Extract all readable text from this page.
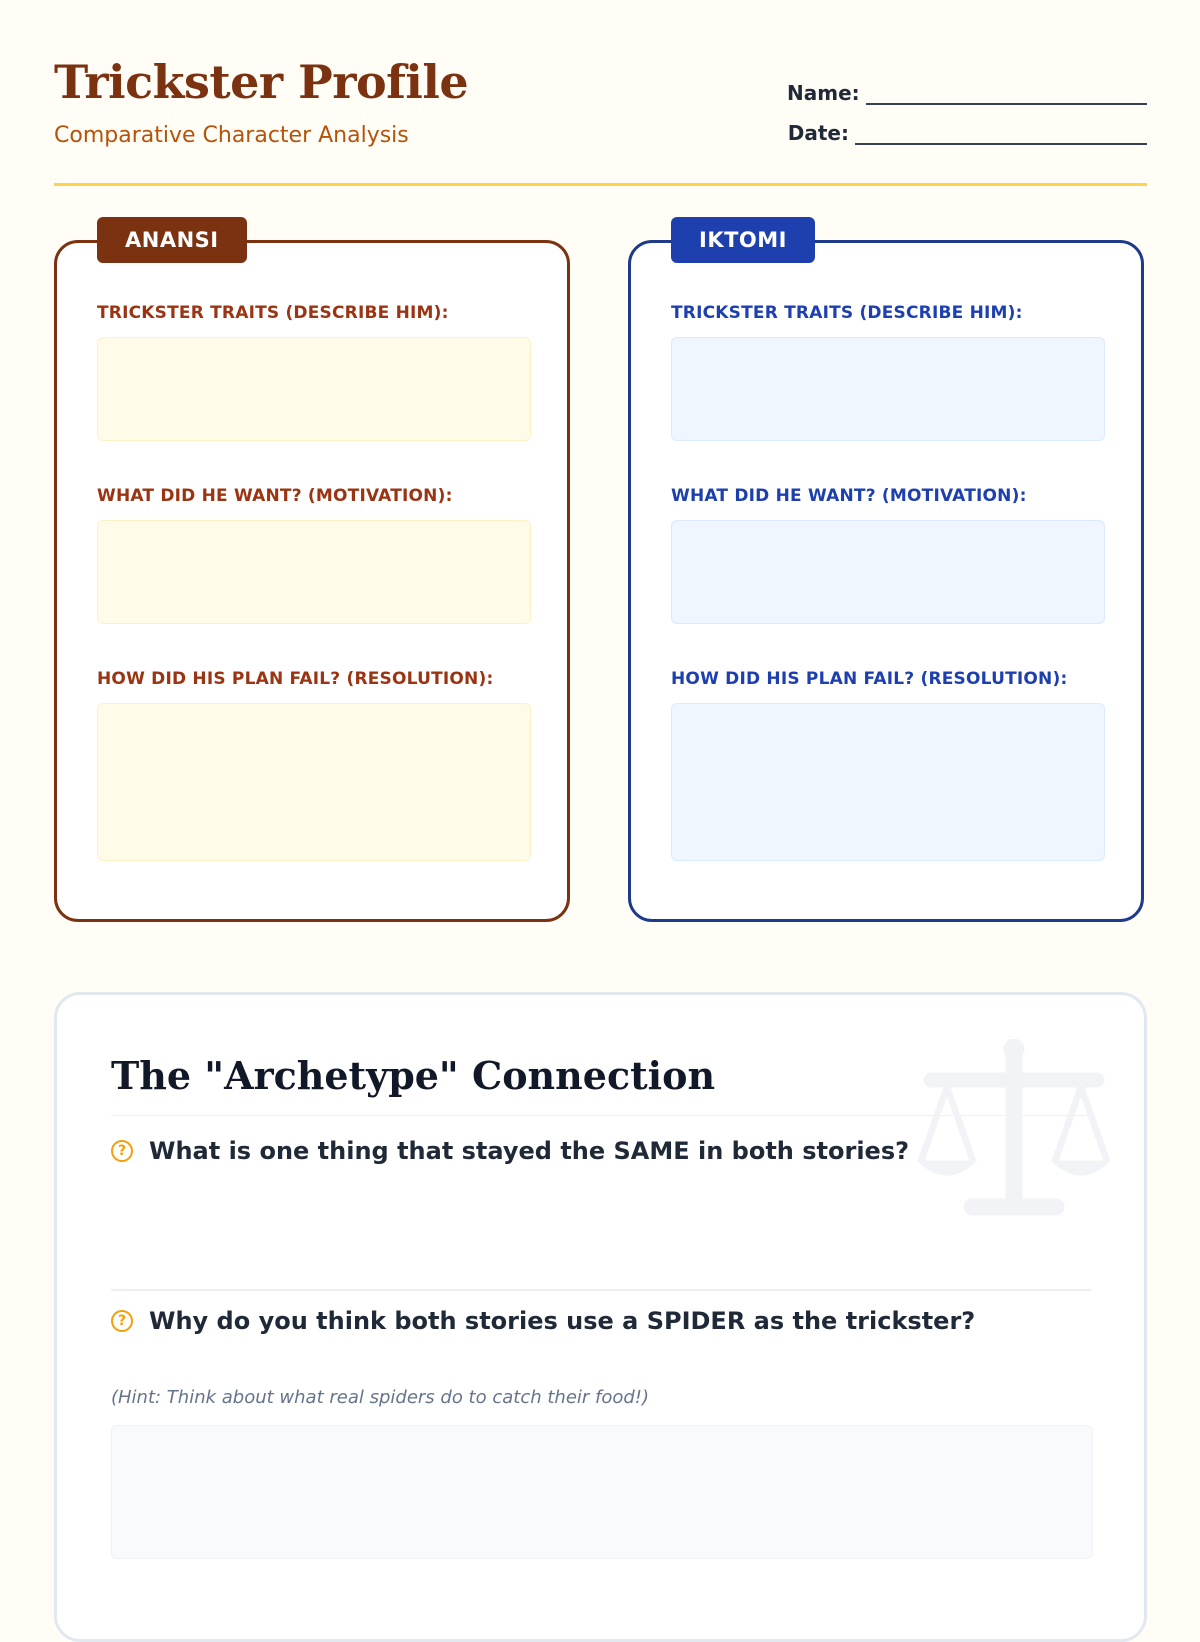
Trickster Profile
Comparative Character Analysis
Name:
Date:
ANANSI
TRICKSTER TRAITS (DESCRIBE HIM):
WHAT DID HE WANT? (MOTIVATION):
HOW DID HIS PLAN FAIL? (RESOLUTION):
IKTOMI
TRICKSTER TRAITS (DESCRIBE HIM):
WHAT DID HE WANT? (MOTIVATION):
HOW DID HIS PLAN FAIL? (RESOLUTION):
The "Archetype" Connection
? What is one thing that stayed the SAME in both stories?
? Why do you think both stories use a SPIDER as the trickster?
(Hint: Think about what real spiders do to catch their food!)
